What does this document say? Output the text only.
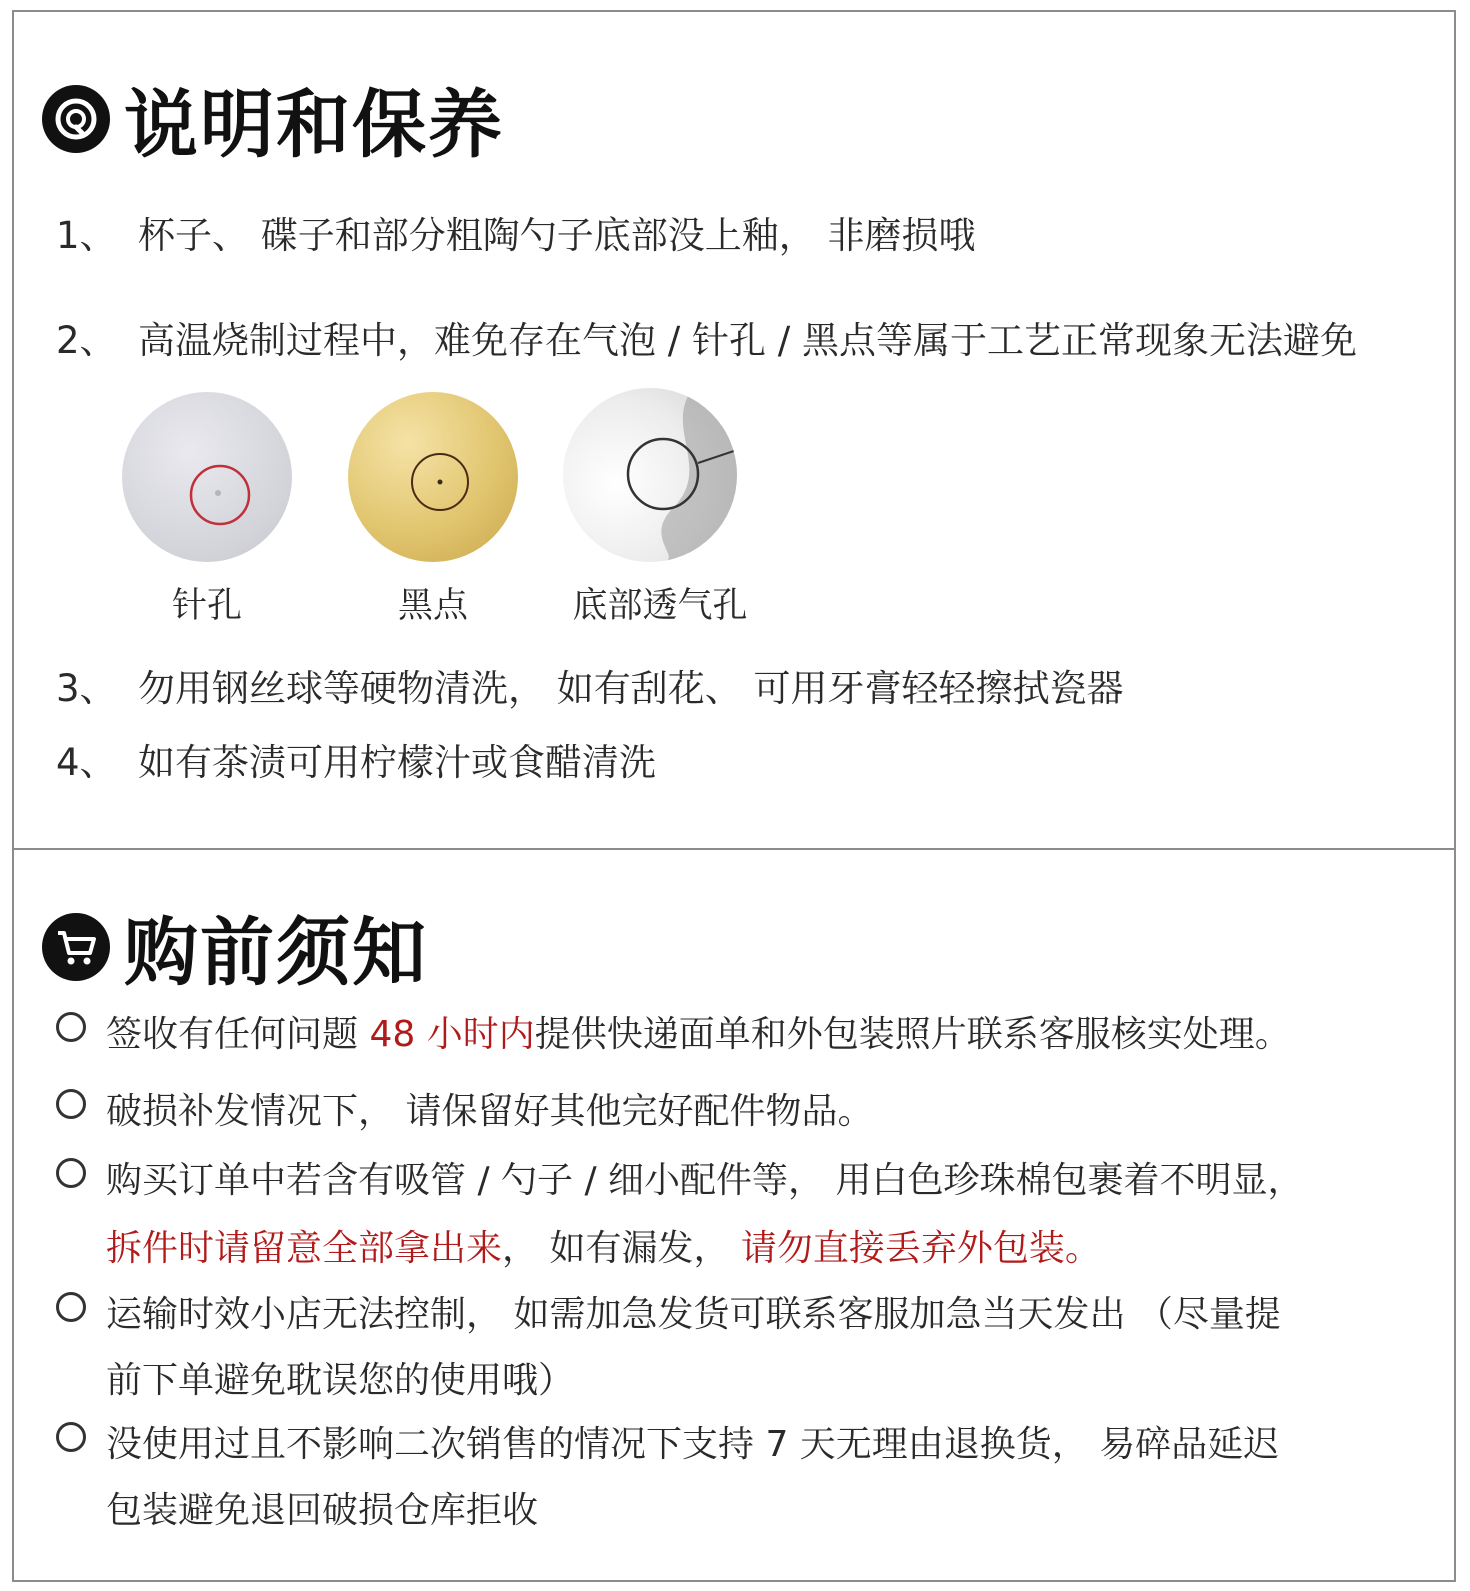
说明和保养
1、 杯子、 碟子和部分粗陶勺子底部没上釉， 非磨损哦
2、 高温烧制过程中，难免存在气泡 / 针孔 / 黑点等属于工艺正常现象无法避免
针孔	黑点	底部透气孔
3、 勿用钢丝球等硬物清洗， 如有刮花、 可用牙膏轻轻擦拭瓷器
4、 如有茶渍可用柠檬汁或食醋清洗
购前须知
签收有任何问题 48 小时内提供快递面单和外包装照片联系客服核实处理。
破损补发情况下， 请保留好其他完好配件物品。
购买订单中若含有吸管 / 勺子 / 细小配件等， 用白色珍珠棉包裹着不明显，
拆件时请留意全部拿出来， 如有漏发， 请勿直接丢弃外包装。
运输时效小店无法控制， 如需加急发货可联系客服加急当天发出 （尽量提
前下单避免耽误您的使用哦）
没使用过且不影响二次销售的情况下支持 7 天无理由退换货， 易碎品延迟
包装避免退回破损仓库拒收
